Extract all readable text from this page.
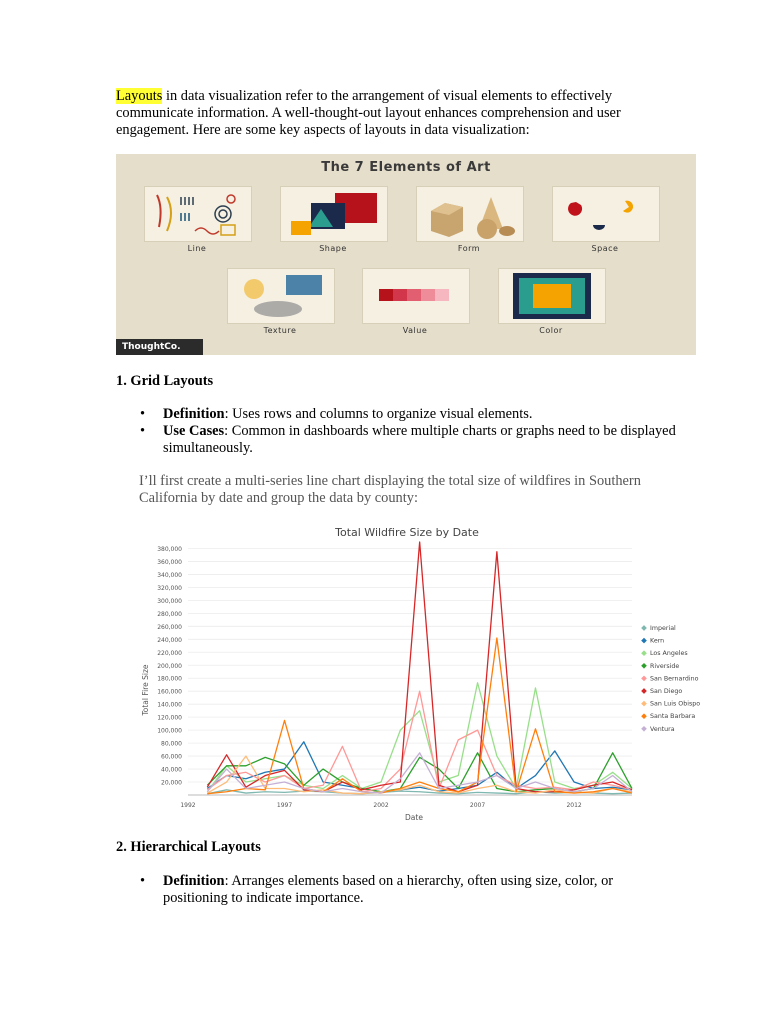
Layouts in data visualization refer to the arrangement of visual elements to effectively communicate information. A well-thought-out layout enhances comprehension and user engagement. Here are some key aspects of layouts in data visualization:
The 7 Elements of Art
Line	Shape	Form	Space
Texture	Value	Color
ThoughtCo.
1. Grid Layouts
• Definition: Uses rows and columns to organize visual elements.
• Use Cases: Common in dashboards where multiple charts or graphs need to be displayed simultaneously.
I’ll first create a multi-series line chart displaying the total size of wildfires in Southern California by date and group the data by county:
Total Wildfire Size by Date
Total Fire Size
Date
20,000
40,000
60,000
80,000
100,000
120,000
140,000
160,000
180,000
200,000
220,000
240,000
260,000
280,000
300,000
320,000
340,000
360,000
380,000
1992	1997	2002	2007	2012
Imperial
Kern
Los Angeles
Riverside
San Bernardino
San Diego
San Luis Obispo
Santa Barbara
Ventura
2. Hierarchical Layouts
• Definition: Arranges elements based on a hierarchy, often using size, color, or positioning to indicate importance.
